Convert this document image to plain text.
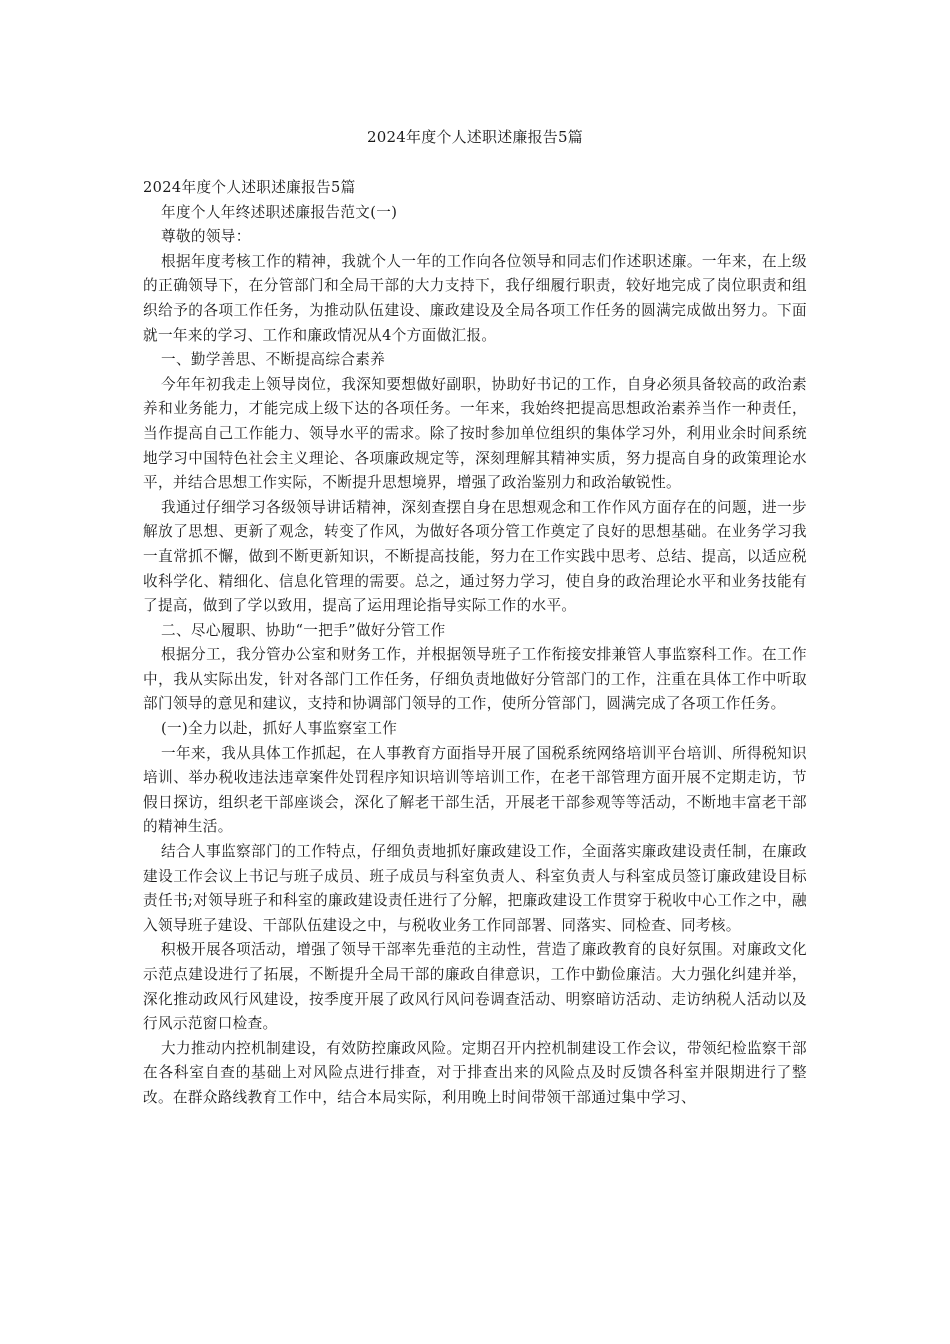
2024年度个人述职述廉报告5篇

2024年度个人述职述廉报告5篇

年度个人年终述职述廉报告范文(一)

尊敬的领导：

根据年度考核工作的精神，我就个人一年的工作向各位领导和同志们作述职述廉。一年来，在上级的正确领导下，在分管部门和全局干部的大力支持下，我仔细履行职责，较好地完成了岗位职责和组织给予的各项工作任务，为推动队伍建设、廉政建设及全局各项工作任务的圆满完成做出努力。下面就一年来的学习、工作和廉政情况从4个方面做汇报。

一、勤学善思、不断提高综合素养

今年年初我走上领导岗位，我深知要想做好副职，协助好书记的工作，自身必须具备较高的政治素养和业务能力，才能完成上级下达的各项任务。一年来，我始终把提高思想政治素养当作一种责任，当作提高自己工作能力、领导水平的需求。除了按时参加单位组织的集体学习外，利用业余时间系统地学习中国特色社会主义理论、各项廉政规定等，深刻理解其精神实质，努力提高自身的政策理论水平，并结合思想工作实际，不断提升思想境界，增强了政治鉴别力和政治敏锐性。

我通过仔细学习各级领导讲话精神，深刻查摆自身在思想观念和工作作风方面存在的问题，进一步解放了思想、更新了观念，转变了作风，为做好各项分管工作奠定了良好的思想基础。在业务学习我一直常抓不懈，做到不断更新知识，不断提高技能，努力在工作实践中思考、总结、提高，以适应税收科学化、精细化、信息化管理的需要。总之，通过努力学习，使自身的政治理论水平和业务技能有了提高，做到了学以致用，提高了运用理论指导实际工作的水平。

二、尽心履职、协助“一把手”做好分管工作

根据分工，我分管办公室和财务工作，并根据领导班子工作衔接安排兼管人事监察科工作。在工作中，我从实际出发，针对各部门工作任务，仔细负责地做好分管部门的工作，注重在具体工作中听取部门领导的意见和建议，支持和协调部门领导的工作，使所分管部门，圆满完成了各项工作任务。

(一)全力以赴，抓好人事监察室工作

一年来，我从具体工作抓起，在人事教育方面指导开展了国税系统网络培训平台培训、所得税知识培训、举办税收违法违章案件处罚程序知识培训等培训工作，在老干部管理方面开展不定期走访，节假日探访，组织老干部座谈会，深化了解老干部生活，开展老干部参观等等活动，不断地丰富老干部的精神生活。

结合人事监察部门的工作特点，仔细负责地抓好廉政建设工作，全面落实廉政建设责任制，在廉政建设工作会议上书记与班子成员、班子成员与科室负责人、科室负责人与科室成员签订廉政建设目标责任书;对领导班子和科室的廉政建设责任进行了分解，把廉政建设工作贯穿于税收中心工作之中，融入领导班子建设、干部队伍建设之中，与税收业务工作同部署、同落实、同检查、同考核。

积极开展各项活动，增强了领导干部率先垂范的主动性，营造了廉政教育的良好氛围。对廉政文化示范点建设进行了拓展，不断提升全局干部的廉政自律意识，工作中勤俭廉洁。大力强化纠建并举，深化推动政风行风建设，按季度开展了政风行风问卷调查活动、明察暗访活动、走访纳税人活动以及行风示范窗口检查。

大力推动内控机制建设，有效防控廉政风险。定期召开内控机制建设工作会议，带领纪检监察干部在各科室自查的基础上对风险点进行排查，对于排查出来的风险点及时反馈各科室并限期进行了整改。在群众路线教育工作中，结合本局实际，利用晚上时间带领干部通过集中学习、
